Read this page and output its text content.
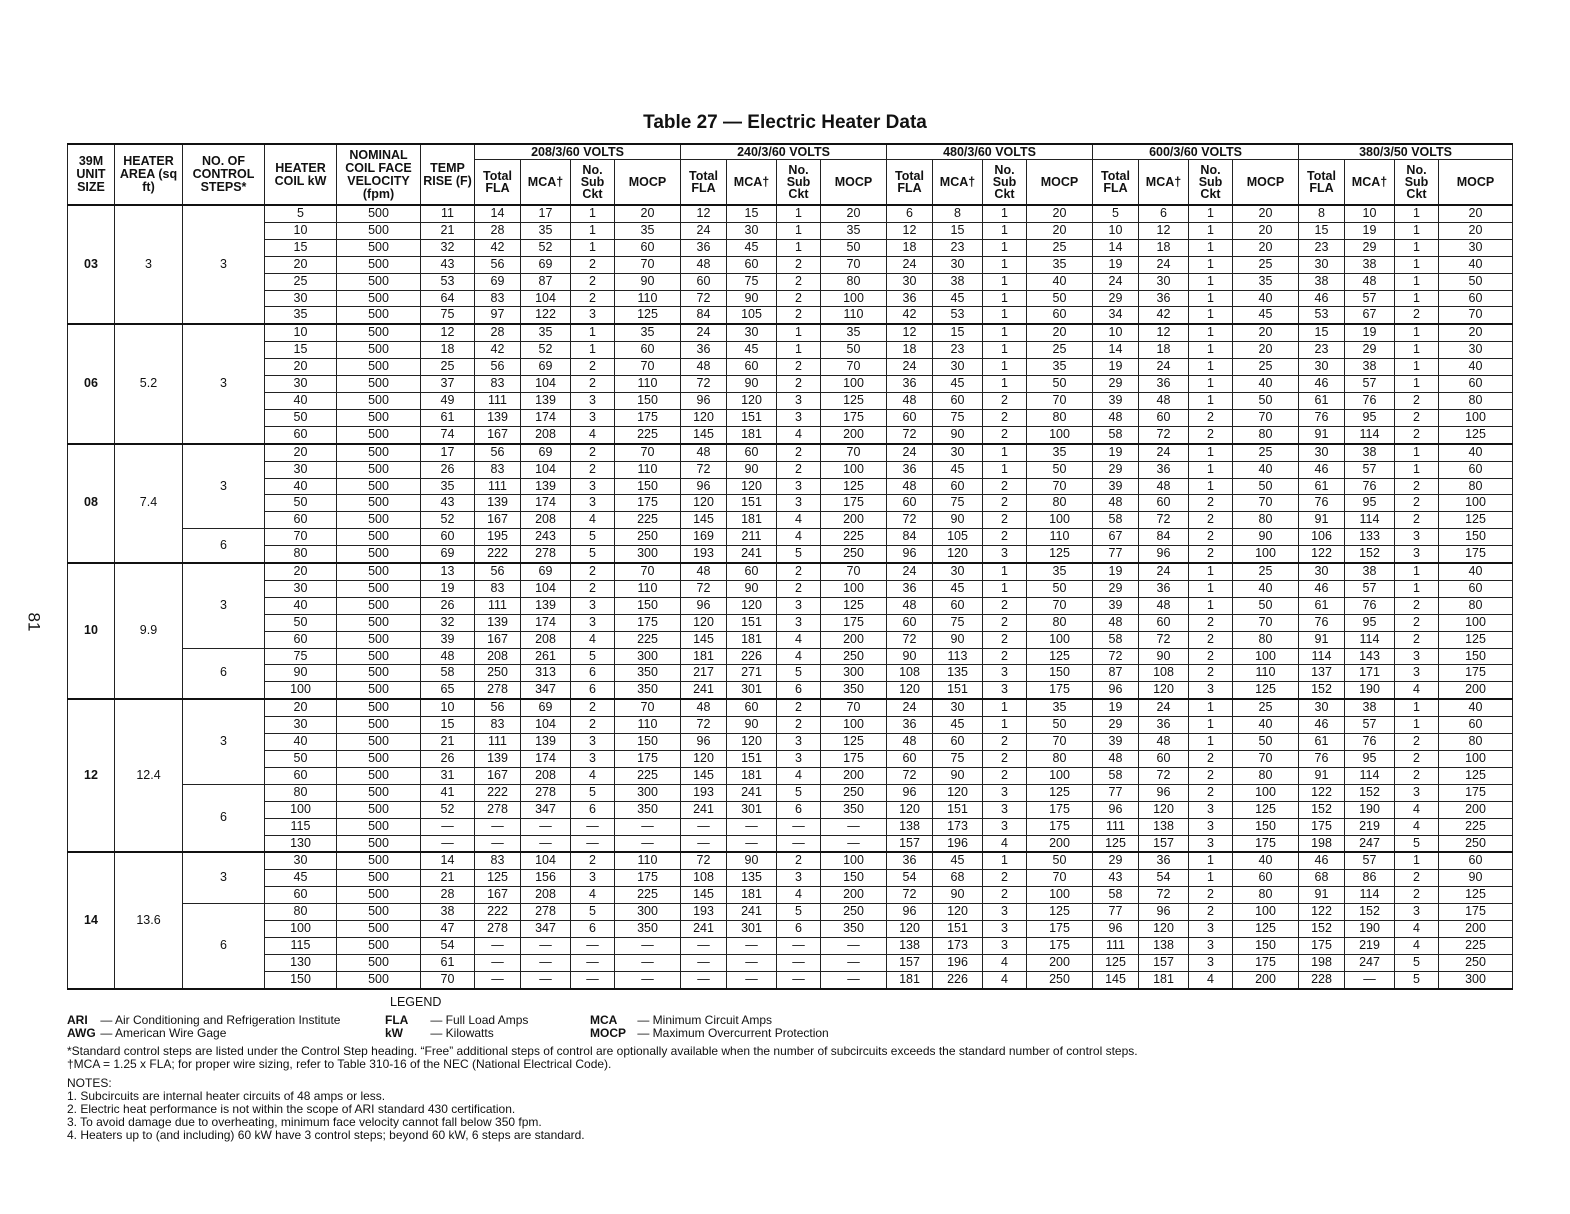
Table 27 — Electric Heater Data
81
39M UNIT SIZE	HEATER AREA (sq ft)	NO. OF CONTROL STEPS*	HEATER COIL kW	NOMINAL COIL FACE VELOCITY (fpm)	TEMP RISE (F)	208/3/60 VOLTS				240/3/60 VOLTS				480/3/60 VOLTS				600/3/60 VOLTS				380/3/50 VOLTS			
						Total FLA	MCA†	No. Sub Ckt	MOCP	Total FLA	MCA†	No. Sub Ckt	MOCP	Total FLA	MCA†	No. Sub Ckt	MOCP	Total FLA	MCA†	No. Sub Ckt	MOCP	Total FLA	MCA†	No. Sub Ckt	MOCP
03	3	3	5	500	11	14	17	1	20	12	15	1	20	6	8	1	20	5	6	1	20	8	10	1	20
			10	500	21	28	35	1	35	24	30	1	35	12	15	1	20	10	12	1	20	15	19	1	20
			15	500	32	42	52	1	60	36	45	1	50	18	23	1	25	14	18	1	20	23	29	1	30
			20	500	43	56	69	2	70	48	60	2	70	24	30	1	35	19	24	1	25	30	38	1	40
			25	500	53	69	87	2	90	60	75	2	80	30	38	1	40	24	30	1	35	38	48	1	50
			30	500	64	83	104	2	110	72	90	2	100	36	45	1	50	29	36	1	40	46	57	1	60
			35	500	75	97	122	3	125	84	105	2	110	42	53	1	60	34	42	1	45	53	67	2	70
06	5.2	3	10	500	12	28	35	1	35	24	30	1	35	12	15	1	20	10	12	1	20	15	19	1	20
			15	500	18	42	52	1	60	36	45	1	50	18	23	1	25	14	18	1	20	23	29	1	30
			20	500	25	56	69	2	70	48	60	2	70	24	30	1	35	19	24	1	25	30	38	1	40
			30	500	37	83	104	2	110	72	90	2	100	36	45	1	50	29	36	1	40	46	57	1	60
			40	500	49	111	139	3	150	96	120	3	125	48	60	2	70	39	48	1	50	61	76	2	80
			50	500	61	139	174	3	175	120	151	3	175	60	75	2	80	48	60	2	70	76	95	2	100
			60	500	74	167	208	4	225	145	181	4	200	72	90	2	100	58	72	2	80	91	114	2	125
08	7.4	3	20	500	17	56	69	2	70	48	60	2	70	24	30	1	35	19	24	1	25	30	38	1	40
			30	500	26	83	104	2	110	72	90	2	100	36	45	1	50	29	36	1	40	46	57	1	60
			40	500	35	111	139	3	150	96	120	3	125	48	60	2	70	39	48	1	50	61	76	2	80
			50	500	43	139	174	3	175	120	151	3	175	60	75	2	80	48	60	2	70	76	95	2	100
			60	500	52	167	208	4	225	145	181	4	200	72	90	2	100	58	72	2	80	91	114	2	125
		6	70	500	60	195	243	5	250	169	211	4	225	84	105	2	110	67	84	2	90	106	133	3	150
			80	500	69	222	278	5	300	193	241	5	250	96	120	3	125	77	96	2	100	122	152	3	175
10	9.9	3	20	500	13	56	69	2	70	48	60	2	70	24	30	1	35	19	24	1	25	30	38	1	40
			30	500	19	83	104	2	110	72	90	2	100	36	45	1	50	29	36	1	40	46	57	1	60
			40	500	26	111	139	3	150	96	120	3	125	48	60	2	70	39	48	1	50	61	76	2	80
			50	500	32	139	174	3	175	120	151	3	175	60	75	2	80	48	60	2	70	76	95	2	100
			60	500	39	167	208	4	225	145	181	4	200	72	90	2	100	58	72	2	80	91	114	2	125
		6	75	500	48	208	261	5	300	181	226	4	250	90	113	2	125	72	90	2	100	114	143	3	150
			90	500	58	250	313	6	350	217	271	5	300	108	135	3	150	87	108	2	110	137	171	3	175
			100	500	65	278	347	6	350	241	301	6	350	120	151	3	175	96	120	3	125	152	190	4	200
12	12.4	3	20	500	10	56	69	2	70	48	60	2	70	24	30	1	35	19	24	1	25	30	38	1	40
			30	500	15	83	104	2	110	72	90	2	100	36	45	1	50	29	36	1	40	46	57	1	60
			40	500	21	111	139	3	150	96	120	3	125	48	60	2	70	39	48	1	50	61	76	2	80
			50	500	26	139	174	3	175	120	151	3	175	60	75	2	80	48	60	2	70	76	95	2	100
			60	500	31	167	208	4	225	145	181	4	200	72	90	2	100	58	72	2	80	91	114	2	125
		6	80	500	41	222	278	5	300	193	241	5	250	96	120	3	125	77	96	2	100	122	152	3	175
			100	500	52	278	347	6	350	241	301	6	350	120	151	3	175	96	120	3	125	152	190	4	200
			115	500	—	—	—	—	—	—	—	—	—	138	173	3	175	111	138	3	150	175	219	4	225
			130	500	—	—	—	—	—	—	—	—	—	157	196	4	200	125	157	3	175	198	247	5	250
14	13.6	3	30	500	14	83	104	2	110	72	90	2	100	36	45	1	50	29	36	1	40	46	57	1	60
			45	500	21	125	156	3	175	108	135	3	150	54	68	2	70	43	54	1	60	68	86	2	90
			60	500	28	167	208	4	225	145	181	4	200	72	90	2	100	58	72	2	80	91	114	2	125
		6	80	500	38	222	278	5	300	193	241	5	250	96	120	3	125	77	96	2	100	122	152	3	175
			100	500	47	278	347	6	350	241	301	6	350	120	151	3	175	96	120	3	125	152	190	4	200
			115	500	54	—	—	—	—	—	—	—	—	138	173	3	175	111	138	3	150	175	219	4	225
			130	500	61	—	—	—	—	—	—	—	—	157	196	4	200	125	157	3	175	198	247	5	250
			150	500	70	—	—	—	—	—	—	—	—	181	226	4	250	145	181	4	200	228	—	5	300
LEGEND
ARI — Air Conditioning and Refrigeration Institute
AWG — American Wire Gage
FLA — Full Load Amps
kW — Kilowatts
MCA — Minimum Circuit Amps
MOCP — Maximum Overcurrent Protection
*Standard control steps are listed under the Control Step heading. “Free” additional steps of control are optionally available when the number of subcircuits exceeds the standard number of control steps.
†MCA = 1.25 x FLA; for proper wire sizing, refer to Table 310-16 of the NEC (National Electrical Code).
NOTES:
1. Subcircuits are internal heater circuits of 48 amps or less.
2. Electric heat performance is not within the scope of ARI standard 430 certification.
3. To avoid damage due to overheating, minimum face velocity cannot fall below 350 fpm.
4. Heaters up to (and including) 60 kW have 3 control steps; beyond 60 kW, 6 steps are standard.
